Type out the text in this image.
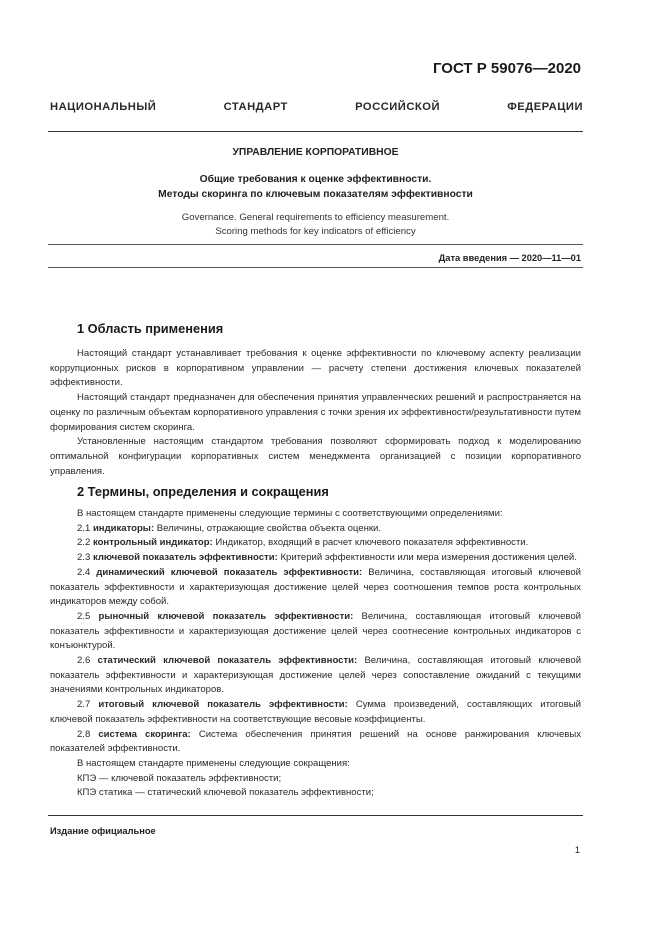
ГОСТ Р 59076—2020
НАЦИОНАЛЬНЫЙ СТАНДАРТ РОССИЙСКОЙ ФЕДЕРАЦИИ
УПРАВЛЕНИЕ КОРПОРАТИВНОЕ
Общие требования к оценке эффективности.
Методы скоринга по ключевым показателям эффективности
Governance. General requirements to efficiency measurement.
Scoring methods for key indicators of efficiency
Дата введения — 2020—11—01
1 Область применения

Настоящий стандарт устанавливает требования к оценке эффективности по ключевому аспекту реализации коррупционных рисков в корпоративном управлении — расчету степени достижения ключевых показателей эффективности.

Настоящий стандарт предназначен для обеспечения принятия управленческих решений и распространяется на оценку по различным объектам корпоративного управления с точки зрения их эффективности/результативности путем формирования систем скоринга.

Установленные настоящим стандартом требования позволяют сформировать подход к моделированию оптимальной конфигурации корпоративных систем менеджмента организацией с позиции корпоративного управления.

2 Термины, определения и сокращения

В настоящем стандарте применены следующие термины с соответствующими определениями:

2.1 индикаторы: Величины, отражающие свойства объекта оценки.

2.2 контрольный индикатор: Индикатор, входящий в расчет ключевого показателя эффективности.

2.3 ключевой показатель эффективности: Критерий эффективности или мера измерения достижения целей.

2.4 динамический ключевой показатель эффективности: Величина, составляющая итоговый ключевой показатель эффективности и характеризующая достижение целей через соотношения темпов роста контрольных индикаторов между собой.

2.5 рыночный ключевой показатель эффективности: Величина, составляющая итоговый ключевой показатель эффективности и характеризующая достижение целей через соотнесение контрольных индикаторов с конъюнктурой.

2.6 статический ключевой показатель эффективности: Величина, составляющая итоговый ключевой показатель эффективности и характеризующая достижение целей через сопоставление ожиданий с текущими значениями контрольных индикаторов.

2.7 итоговый ключевой показатель эффективности: Сумма произведений, составляющих итоговый ключевой показатель эффективности на соответствующие весовые коэффициенты.

2.8 система скоринга: Система обеспечения принятия решений на основе ранжирования ключевых показателей эффективности.

В настоящем стандарте применены следующие сокращения:

КПЭ — ключевой показатель эффективности;

КПЭ статика — статический ключевой показатель эффективности;

Издание официальное
1
